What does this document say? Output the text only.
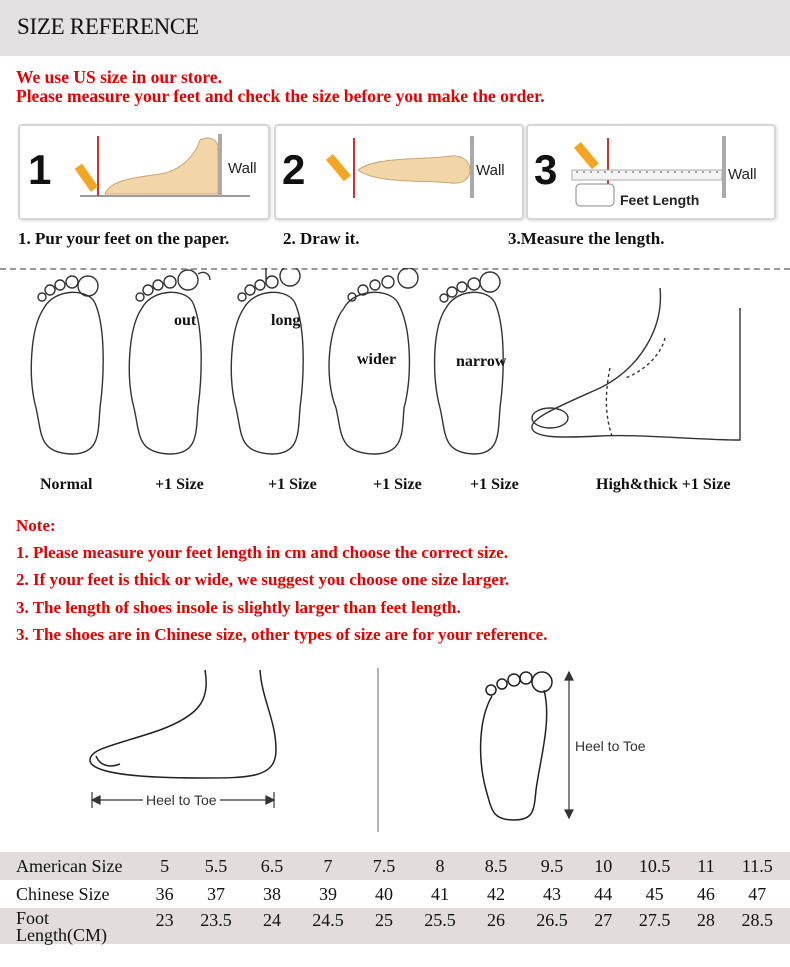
SIZE REFERENCE
We use US size in our store.
Please measure your feet and check the size before you make the order.
1	Wall 2	Wall 3	Wall
Feet Length
1. Pur your feet on the paper.	2. Draw it.	3.Measure the length.
out	long
wider	narrow
Normal	+1 Size	+1 Size	+1 Size	+1 Size	High&thick +1 Size
Note:
1. Please measure your feet length in cm and choose the correct size.
2. If your feet is thick or wide, we suggest you choose one size larger.
3. The length of shoes insole is slightly larger than feet length.
3. The shoes are in Chinese size, other types of size are for your reference.
Heel to Toe
Heel to Toe
American Size	5	5.5	6.5	7	7.5	8	8.5	9.5	10	10.5	11	11.5
Chinese Size	36	37	38	39	40	41	42	43	44	45	46	47

Foot
Length(CM)	23	23.5	24	24.5	25	25.5	26	26.5	27	27.5	28	28.5
